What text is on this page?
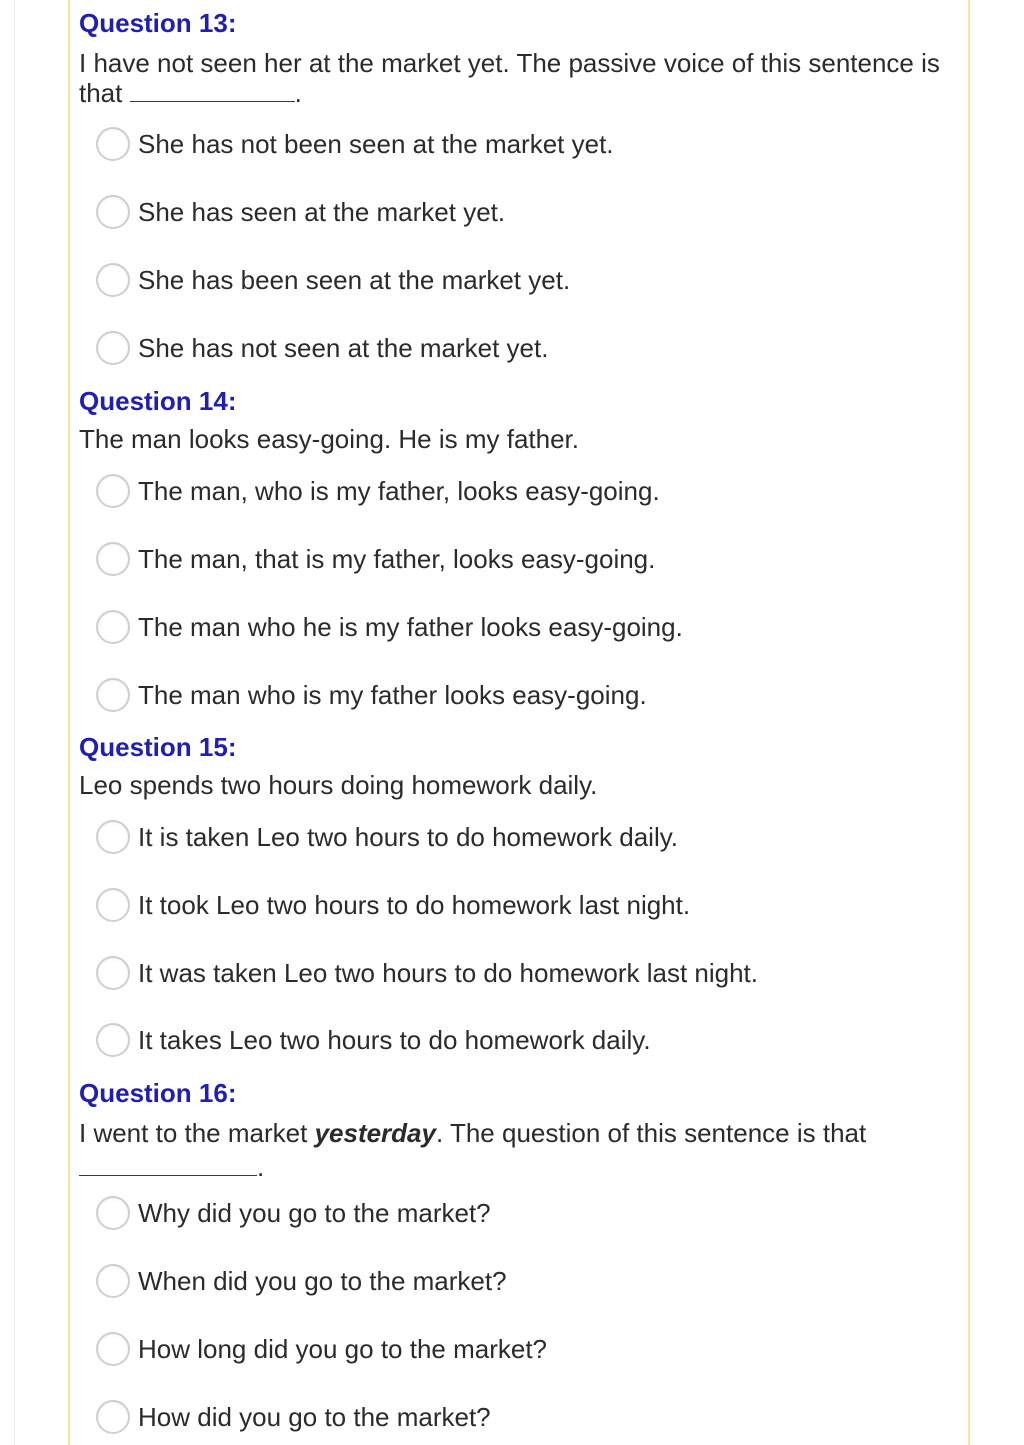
Question 13:
I have not seen her at the market yet. The passive voice of this sentence is that	.
She has not been seen at the market yet.
She has seen at the market yet.
She has been seen at the market yet.
She has not seen at the market yet.
Question 14:
The man looks easy-going. He is my father.
The man, who is my father, looks easy-going.
The man, that is my father, looks easy-going.
The man who he is my father looks easy-going.
The man who is my father looks easy-going.
Question 15:
Leo spends two hours doing homework daily.
It is taken Leo two hours to do homework daily.
It took Leo two hours to do homework last night.
It was taken Leo two hours to do homework last night.
It takes Leo two hours to do homework daily.
Question 16:
I went to the market yesterday. The question of this sentence is that
.
Why did you go to the market?
When did you go to the market?
How long did you go to the market?
How did you go to the market?
